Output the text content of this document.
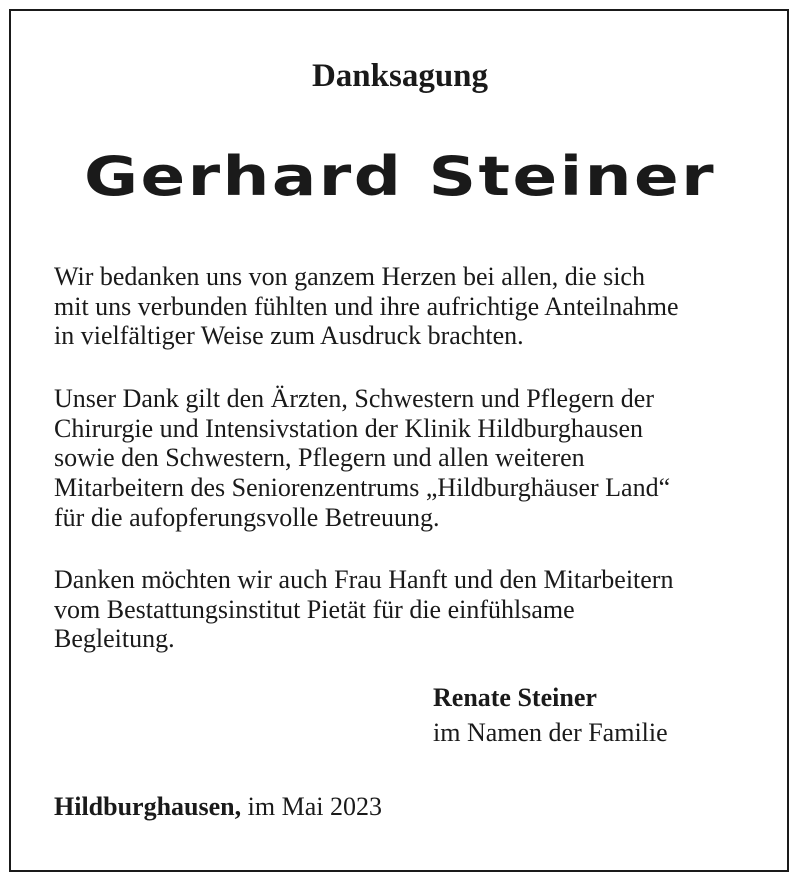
Danksagung
Gerhard Steiner
Wir bedanken uns von ganzem Herzen bei allen, die sich
mit uns verbunden fühlten und ihre aufrichtige Anteilnahme
in vielfältiger Weise zum Ausdruck brachten.
Unser Dank gilt den Ärzten, Schwestern und Pflegern der
Chirurgie und Intensivstation der Klinik Hildburghausen
sowie den Schwestern, Pflegern und allen weiteren
Mitarbeitern des Seniorenzentrums „Hildburghäuser Land“
für die aufopferungsvolle Betreuung.
Danken möchten wir auch Frau Hanft und den Mitarbeitern
vom Bestattungsinstitut Pietät für die einfühlsame
Begleitung.
Renate Steiner
im Namen der Familie
Hildburghausen, im Mai 2023
